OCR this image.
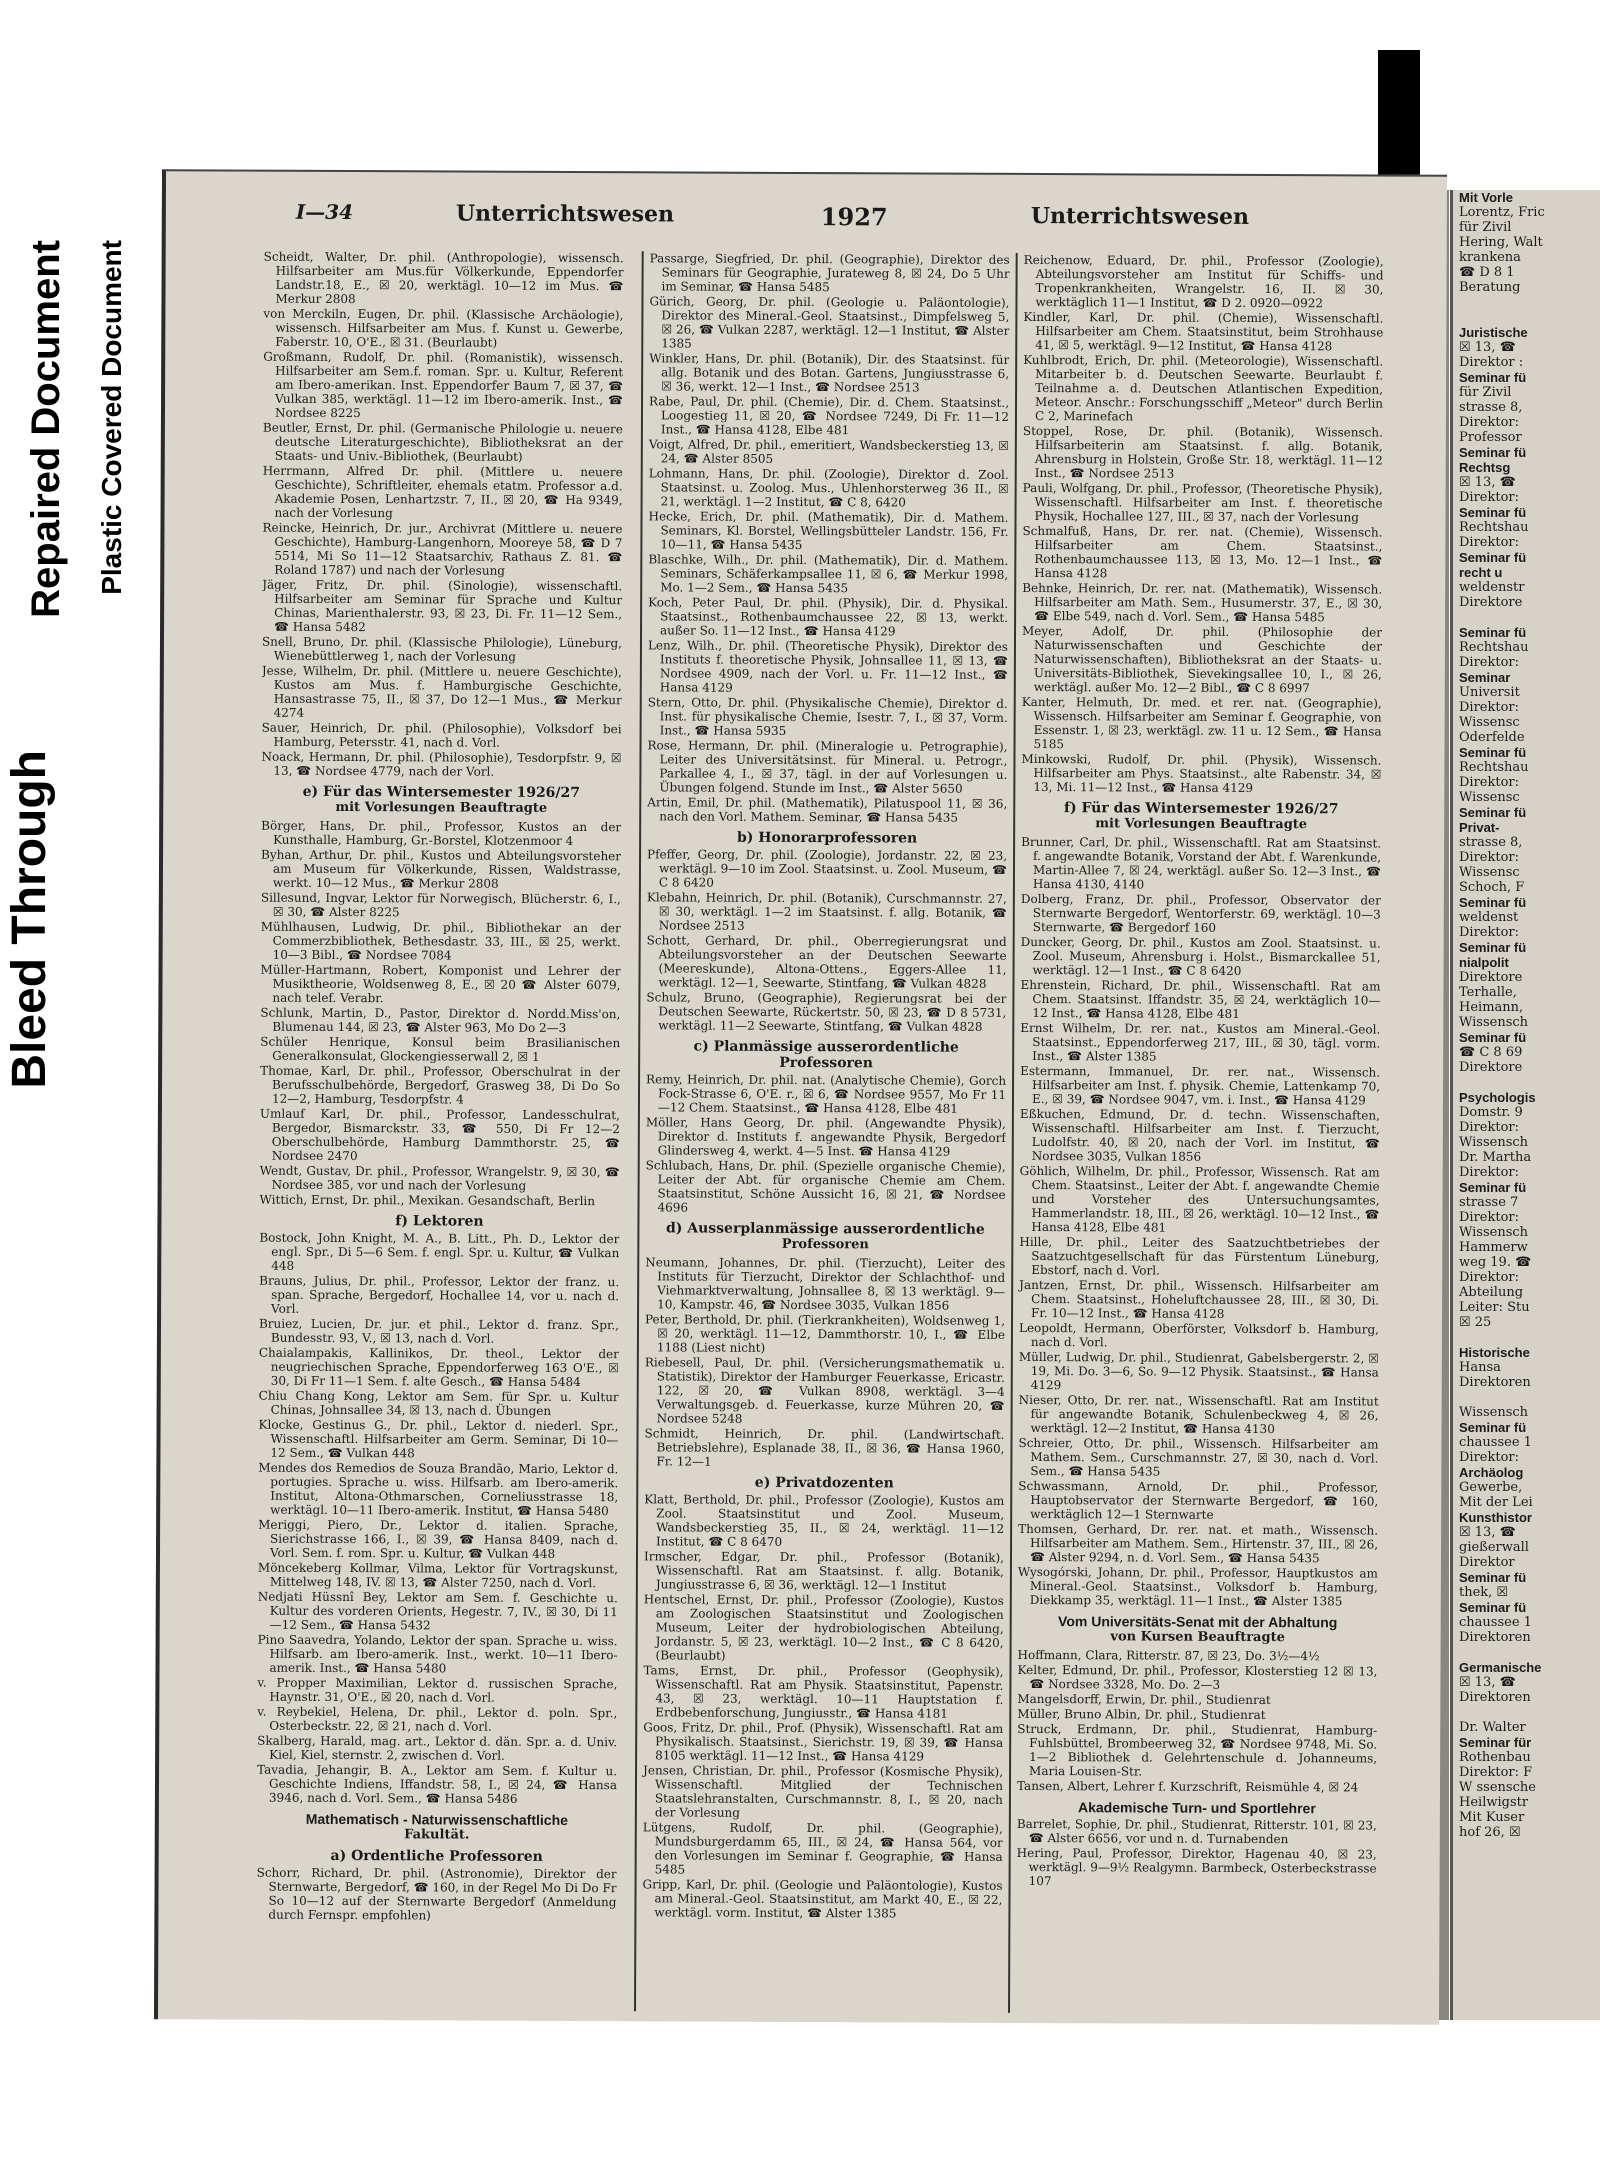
Bleed Through
Repaired Document Plastic Covered Document
Mit Vorle
Lorentz, Fric
für Zivil
Hering, Walt
krankena
☎ D 8 1
Beratung

Juristische
☒ 13, ☎
Direktor :
Seminar fü
für Zivil
strasse 8,
Direktor:
Professor
Seminar fü
Rechtsg
☒ 13, ☎
Direktor:
Seminar fü
Rechtshau
Direktor:
Seminar fü
recht u
weldenstr
Direktore

Seminar fü
Rechtshau
Direktor:
Seminar
Universit
Direktor:
Wissensc
Oderfelde
Seminar fü
Rechtshau
Direktor:
Wissensc
Seminar fü
Privat-
strasse 8,
Direktor:
Wissensc
Schoch, F
Seminar fü
weldenst
Direktor:
Seminar fü
nialpolit
Direktore
Terhalle,
Heimann,
Wissensch
Seminar fü
☎ C 8 69
Direktore

Psychologis
Domstr. 9
Direktor:
Wissensch
Dr. Martha
Direktor:
Seminar fü
strasse 7
Direktor:
Wissensch
Hammerw
weg 19. ☎
Direktor:
Abteilung
Leiter: Stu
☒ 25

Historische
Hansa
Direktoren

Wissensch
Seminar fü
chaussee 1
Direktor:
Archäolog
Gewerbe,
Mit der Lei
Kunsthistor
☒ 13, ☎
gießerwall
Direktor
Seminar fü
thek, ☒
Seminar fü
chaussee 1
Direktoren

Germanische
☒ 13, ☎
Direktoren

Dr. Walter
Seminar für
Rothenbau
Direktor: F
W ssensche
Heilwigstr
Mit Kuser
hof 26, ☒
I—34	Unterrichtswesen	1927	Unterrichtswesen

Scheidt, Walter, Dr. phil. (Anthropologie), wissensch. Hilfsarbeiter am Mus.für Völkerkunde, Eppendorfer Landstr.18, E., ☒ 20, werktägl. 10—12 im Mus. ☎ Merkur 2808

von Merckiln, Eugen, Dr. phil. (Klassische Archäologie), wissensch. Hilfsarbeiter am Mus. f. Kunst u. Gewerbe, Faberstr. 10, O'E., ☒ 31. (Beurlaubt)

Großmann, Rudolf, Dr. phil. (Romanistik), wissensch. Hilfsarbeiter am Sem.f. roman. Spr. u. Kultur, Referent am Ibero-amerikan. Inst. Eppendorfer Baum 7, ☒ 37, ☎ Vulkan 385, werktägl. 11—12 im Ibero-amerik. Inst., ☎ Nordsee 8225

Beutler, Ernst, Dr. phil. (Germanische Philologie u. neuere deutsche Literaturgeschichte), Bibliotheksrat an der Staats- und Univ.-Bibliothek, (Beurlaubt)

Herrmann, Alfred Dr. phil. (Mittlere u. neuere Geschichte), Schriftleiter, ehemals etatm. Professor a.d. Akademie Posen, Lenhartzstr. 7, II., ☒ 20, ☎ Ha 9349, nach der Vorlesung

Reincke, Heinrich, Dr. jur., Archivrat (Mittlere u. neuere Geschichte), Hamburg-Langenhorn, Mooreye 58, ☎ D 7 5514, Mi So 11—12 Staatsarchiv, Rathaus Z. 81. ☎ Roland 1787) und nach der Vorlesung

Jäger, Fritz, Dr. phil. (Sinologie), wissenschaftl. Hilfsarbeiter am Seminar für Sprache und Kultur Chinas, Marienthalerstr. 93, ☒ 23, Di. Fr. 11—12 Sem., ☎ Hansa 5482

Snell, Bruno, Dr. phil. (Klassische Philologie), Lüneburg, Wienebüttlerweg 1, nach der Vorlesung

Jesse, Wilhelm, Dr. phil. (Mittlere u. neuere Geschichte), Kustos am Mus. f. Hamburgische Geschichte, Hansastrasse 75, II., ☒ 37, Do 12—1 Mus., ☎ Merkur 4274

Sauer, Heinrich, Dr. phil. (Philosophie), Volksdorf bei Hamburg, Petersstr. 41, nach d. Vorl.

Noack, Hermann, Dr. phil. (Philosophie), Tesdorpfstr. 9, ☒ 13, ☎ Nordsee 4779, nach der Vorl.

e) Für das Wintersemester 1926/27
mit Vorlesungen Beauftragte

Börger, Hans, Dr. phil., Professor, Kustos an der Kunsthalle, Hamburg, Gr.-Borstel, Klotzenmoor 4

Byhan, Arthur, Dr. phil., Kustos und Abteilungsvorsteher am Museum für Völkerkunde, Rissen, Waldstrasse, werkt. 10—12 Mus., ☎ Merkur 2808

Sillesund, Ingvar, Lektor für Norwegisch, Blücherstr. 6, I., ☒ 30, ☎ Alster 8225

Mühlhausen, Ludwig, Dr. phil., Bibliothekar an der Commerzbibliothek, Bethesdastr. 33, III., ☒ 25, werkt. 10—3 Bibl., ☎ Nordsee 7084

Müller-Hartmann, Robert, Komponist und Lehrer der Musiktheorie, Woldsenweg 8, E., ☒ 20 ☎ Alster 6079, nach telef. Verabr.

Schlunk, Martin, D., Pastor, Direktor d. Nordd.Miss'on, Blumenau 144, ☒ 23, ☎ Alster 963, Mo Do 2—3

Schüler Henrique, Konsul beim Brasilianischen Generalkonsulat, Glockengiesserwall 2, ☒ 1

Thomae, Karl, Dr. phil., Professor, Oberschulrat in der Berufsschulbehörde, Bergedorf, Grasweg 38, Di Do So 12—2, Hamburg, Tesdorpfstr. 4

Umlauf Karl, Dr. phil., Professor, Landesschulrat, Bergedor, Bismarckstr. 33, ☎ 550, Di Fr 12—2 Oberschulbehörde, Hamburg Dammthorstr. 25, ☎ Nordsee 2470

Wendt, Gustav, Dr. phil., Professor, Wrangelstr. 9, ☒ 30, ☎ Nordsee 385, vor und nach der Vorlesung

Wittich, Ernst, Dr. phil., Mexikan. Gesandschaft, Berlin

f) Lektoren

Bostock, John Knight, M. A., B. Litt., Ph. D., Lektor der engl. Spr., Di 5—6 Sem. f. engl. Spr. u. Kultur, ☎ Vulkan 448

Brauns, Julius, Dr. phil., Professor, Lektor der franz. u. span. Sprache, Bergedorf, Hochallee 14, vor u. nach d. Vorl.

Bruiez, Lucien, Dr. jur. et phil., Lektor d. franz. Spr., Bundesstr. 93, V., ☒ 13, nach d. Vorl.

Chaialampakis, Kallinikos, Dr. theol., Lektor der neugriechischen Sprache, Eppendorferweg 163 O'E., ☒ 30, Di Fr 11—1 Sem. f. alte Gesch., ☎ Hansa 5484

Chiu Chang Kong, Lektor am Sem. für Spr. u. Kultur Chinas, Johnsallee 34, ☒ 13, nach d. Übungen

Klocke, Gestinus G., Dr. phil., Lektor d. niederl. Spr., Wissenschaftl. Hilfsarbeiter am Germ. Seminar, Di 10—12 Sem., ☎ Vulkan 448

Mendes dos Remedios de Souza Brandão, Mario, Lektor d. portugies. Sprache u. wiss. Hilfsarb. am Ibero-amerik. Institut, Altona-Othmarschen, Corneliusstrasse 18, werktägl. 10—11 Ibero-amerik. Institut, ☎ Hansa 5480

Meriggi, Piero, Dr., Lektor d. italien. Sprache, Sierichstrasse 166, I., ☒ 39, ☎ Hansa 8409, nach d. Vorl. Sem. f. rom. Spr. u. Kultur, ☎ Vulkan 448

Möncekeberg Kollmar, Vilma, Lektor für Vortragskunst, Mittelweg 148, IV. ☒ 13, ☎ Alster 7250, nach d. Vorl.

Nedjati Hüssnî Bey, Lektor am Sem. f. Geschichte u. Kultur des vorderen Orients, Hegestr. 7, IV., ☒ 30, Di 11—12 Sem., ☎ Hansa 5432

Pino Saavedra, Yolando, Lektor der span. Sprache u. wiss. Hilfsarb. am Ibero-amerik. Inst., werkt. 10—11 Ibero-amerik. Inst., ☎ Hansa 5480

v. Propper Maximilian, Lektor d. russischen Sprache, Haynstr. 31, O'E., ☒ 20, nach d. Vorl.

v. Reybekiel, Helena, Dr. phil., Lektor d. poln. Spr., Osterbeckstr. 22, ☒ 21, nach d. Vorl.

Skalberg, Harald, mag. art., Lektor d. dän. Spr. a. d. Univ. Kiel, Kiel, sternstr. 2, zwischen d. Vorl.

Tavadia, Jehangir, B. A., Lektor am Sem. f. Kultur u. Geschichte Indiens, Iffandstr. 58, I., ☒ 24, ☎ Hansa 3946, nach d. Vorl. Sem., ☎ Hansa 5486

Mathematisch - Naturwissenschaftliche
Fakultät.
a) Ordentliche Professoren

Schorr, Richard, Dr. phil. (Astronomie), Direktor der Sternwarte, Bergedorf, ☎ 160, in der Regel Mo Di Do Fr So 10—12 auf der Sternwarte Bergedorf (Anmeldung durch Fernspr. empfohlen)

Passarge, Siegfried, Dr. phil. (Geographie), Direktor des Seminars für Geographie, Jurateweg 8, ☒ 24, Do 5 Uhr im Seminar, ☎ Hansa 5485

Gürich, Georg, Dr. phil. (Geologie u. Paläontologie), Direktor des Mineral.-Geol. Staatsinst., Dimpfelsweg 5, ☒ 26, ☎ Vulkan 2287, werktägl. 12—1 Institut, ☎ Alster 1385

Winkler, Hans, Dr. phil. (Botanik), Dir. des Staatsinst. für allg. Botanik und des Botan. Gartens, Jungiusstrasse 6, ☒ 36, werkt. 12—1 Inst., ☎ Nordsee 2513

Rabe, Paul, Dr. phil. (Chemie), Dir. d. Chem. Staatsinst., Loogestieg 11, ☒ 20, ☎ Nordsee 7249, Di Fr. 11—12 Inst., ☎ Hansa 4128, Elbe 481

Voigt, Alfred, Dr. phil., emeritiert, Wandsbeckerstieg 13, ☒ 24, ☎ Alster 8505

Lohmann, Hans, Dr. phil. (Zoologie), Direktor d. Zool. Staatsinst. u. Zoolog. Mus., Uhlenhorsterweg 36 II., ☒ 21, werktägl. 1—2 Institut, ☎ C 8, 6420

Hecke, Erich, Dr. phil. (Mathematik), Dir. d. Mathem. Seminars, Kl. Borstel, Wellingsbütteler Landstr. 156, Fr. 10—11, ☎ Hansa 5435

Blaschke, Wilh., Dr. phil. (Mathematik), Dir. d. Mathem. Seminars, Schäferkampsallee 11, ☒ 6, ☎ Merkur 1998, Mo. 1—2 Sem., ☎ Hansa 5435

Koch, Peter Paul, Dr. phil. (Physik), Dir. d. Physikal. Staatsinst., Rothenbaumchaussee 22, ☒ 13, werkt. außer So. 11—12 Inst., ☎ Hansa 4129

Lenz, Wilh., Dr. phil. (Theoretische Physik), Direktor des Instituts f. theoretische Physik, Johnsallee 11, ☒ 13, ☎ Nordsee 4909, nach der Vorl. u. Fr. 11—12 Inst., ☎ Hansa 4129

Stern, Otto, Dr. phil. (Physikalische Chemie), Direktor d. Inst. für physikalische Chemie, Isestr. 7, I., ☒ 37, Vorm. Inst., ☎ Hansa 5935

Rose, Hermann, Dr. phil. (Mineralogie u. Petrographie), Leiter des Universitätsinst. für Mineral. u. Petrogr., Parkallee 4, I., ☒ 37, tägl. in der auf Vorlesungen u. Übungen folgend. Stunde im Inst., ☎ Alster 5650

Artin, Emil, Dr. phil. (Mathematik), Pilatuspool 11, ☒ 36, nach den Vorl. Mathem. Seminar, ☎ Hansa 5435

b) Honorarprofessoren

Pfeffer, Georg, Dr. phil. (Zoologie), Jordanstr. 22, ☒ 23, werktägl. 9—10 im Zool. Staatsinst. u. Zool. Museum, ☎ C 8 6420

Klebahn, Heinrich, Dr. phil. (Botanik), Curschmannstr. 27, ☒ 30, werktägl. 1—2 im Staatsinst. f. allg. Botanik, ☎ Nordsee 2513

Schott, Gerhard, Dr. phil., Oberregierungsrat und Abteilungsvorsteher an der Deutschen Seewarte (Meereskunde), Altona-Ottens., Eggers-Allee 11, werktägl. 12—1, Seewarte, Stintfang, ☎ Vulkan 4828

Schulz, Bruno, (Geographie), Regierungsrat bei der Deutschen Seewarte, Rückertstr. 50, ☒ 23, ☎ D 8 5731, werktägl. 11—2 Seewarte, Stintfang, ☎ Vulkan 4828

c) Planmässige ausserordentliche Professoren

Remy, Heinrich, Dr. phil. nat. (Analytische Chemie), Gorch Fock-Strasse 6, O'E. r., ☒ 6, ☎ Nordsee 9557, Mo Fr 11—12 Chem. Staatsinst., ☎ Hansa 4128, Elbe 481

Möller, Hans Georg, Dr. phil. (Angewandte Physik), Direktor d. Instituts f. angewandte Physik, Bergedorf Glindersweg 4, werkt. 4—5 Inst. ☎ Hansa 4129

Schlubach, Hans, Dr. phil. (Spezielle organische Chemie), Leiter der Abt. für organische Chemie am Chem. Staatsinstitut, Schöne Aussicht 16, ☒ 21, ☎ Nordsee 4696

d) Ausserplanmässige ausserordentliche
Professoren

Neumann, Johannes, Dr. phil. (Tierzucht), Leiter des Instituts für Tierzucht, Direktor der Schlachthof- und Viehmarktverwaltung, Johnsallee 8, ☒ 13 werktägl. 9—10, Kampstr. 46, ☎ Nordsee 3035, Vulkan 1856

Peter, Berthold, Dr. phil. (Tierkrankheiten), Woldsenweg 1, ☒ 20, werktägl. 11—12, Dammthorstr. 10, I., ☎ Elbe 1188 (Liest nicht)

Riebesell, Paul, Dr. phil. (Versicherungsmathematik u. Statistik), Direktor der Hamburger Feuerkasse, Ericastr. 122, ☒ 20, ☎ Vulkan 8908, werktägl. 3—4 Verwaltungsgeb. d. Feuerkasse, kurze Mühren 20, ☎ Nordsee 5248

Schmidt, Heinrich, Dr. phil. (Landwirtschaft. Betriebslehre), Esplanade 38, II., ☒ 36, ☎ Hansa 1960, Fr. 12—1

e) Privatdozenten

Klatt, Berthold, Dr. phil., Professor (Zoologie), Kustos am Zool. Staatsinstitut und Zool. Museum, Wandsbeckerstieg 35, II., ☒ 24, werktägl. 11—12 Institut, ☎ C 8 6470

Irmscher, Edgar, Dr. phil., Professor (Botanik), Wissenschaftl. Rat am Staatsinst. f. allg. Botanik, Jungiusstrasse 6, ☒ 36, werktägl. 12—1 Institut

Hentschel, Ernst, Dr. phil., Professor (Zoologie), Kustos am Zoologischen Staatsinstitut und Zoologischen Museum, Leiter der hydrobiologischen Abteilung, Jordanstr. 5, ☒ 23, werktägl. 10—2 Inst., ☎ C 8 6420, (Beurlaubt)

Tams, Ernst, Dr. phil., Professor (Geophysik), Wissenschaftl. Rat am Physik. Staatsinstitut, Papenstr. 43, ☒ 23, werktägl. 10—11 Hauptstation f. Erdbebenforschung, Jungiusstr., ☎ Hansa 4181

Goos, Fritz, Dr. phil., Prof. (Physik), Wissenschaftl. Rat am Physikalisch. Staatsinst., Sierichstr. 19, ☒ 39, ☎ Hansa 8105 werktägl. 11—12 Inst., ☎ Hansa 4129

Jensen, Christian, Dr. phil., Professor (Kosmische Physik), Wissenschaftl. Mitglied der Technischen Staatslehranstalten, Curschmannstr. 8, I., ☒ 20, nach der Vorlesung

Lütgens, Rudolf, Dr. phil. (Geographie), Mundsburgerdamm 65, III., ☒ 24, ☎ Hansa 564, vor den Vorlesungen im Seminar f. Geographie, ☎ Hansa 5485

Gripp, Karl, Dr. phil. (Geologie und Paläontologie), Kustos am Mineral.-Geol. Staatsinstitut, am Markt 40, E., ☒ 22, werktägl. vorm. Institut, ☎ Alster 1385

Reichenow, Eduard, Dr. phil., Professor (Zoologie), Abteilungsvorsteher am Institut für Schiffs- und Tropenkrankheiten, Wrangelstr. 16, II. ☒ 30, werktäglich 11—1 Institut, ☎ D 2. 0920—0922

Kindler, Karl, Dr. phil. (Chemie), Wissenschaftl. Hilfsarbeiter am Chem. Staatsinstitut, beim Strohhause 41, ☒ 5, werktägl. 9—12 Institut, ☎ Hansa 4128

Kuhlbrodt, Erich, Dr. phil. (Meteorologie), Wissenschaftl. Mitarbeiter b. d. Deutschen Seewarte. Beurlaubt f. Teilnahme a. d. Deutschen Atlantischen Expedition, Meteor. Anschr.: Forschungsschiff „Meteor" durch Berlin C 2, Marinefach

Stoppel, Rose, Dr. phil. (Botanik), Wissensch. Hilfsarbeiterin am Staatsinst. f. allg. Botanik, Ahrensburg in Holstein, Große Str. 18, werktägl. 11—12 Inst., ☎ Nordsee 2513

Pauli, Wolfgang, Dr. phil., Professor, (Theoretische Physik), Wissenschaftl. Hilfsarbeiter am Inst. f. theoretische Physik, Hochallee 127, III., ☒ 37, nach der Vorlesung

Schmalfuß, Hans, Dr. rer. nat. (Chemie), Wissensch. Hilfsarbeiter am Chem. Staatsinst., Rothenbaumchaussee 113, ☒ 13, Mo. 12—1 Inst., ☎ Hansa 4128

Behnke, Heinrich, Dr. rer. nat. (Mathematik), Wissensch. Hilfsarbeiter am Math. Sem., Husumerstr. 37, E., ☒ 30, ☎ Elbe 549, nach d. Vorl. Sem., ☎ Hansa 5485

Meyer, Adolf, Dr. phil. (Philosophie der Naturwissenschaften und Geschichte der Naturwissenschaften), Bibliotheksrat an der Staats- u. Universitäts-Bibliothek, Sievekingsallee 10, I., ☒ 26, werktägl. außer Mo. 12—2 Bibl., ☎ C 8 6997

Kanter, Helmuth, Dr. med. et rer. nat. (Geographie), Wissensch. Hilfsarbeiter am Seminar f. Geographie, von Essenstr. 1, ☒ 23, werktägl. zw. 11 u. 12 Sem., ☎ Hansa 5185

Minkowski, Rudolf, Dr. phil. (Physik), Wissensch. Hilfsarbeiter am Phys. Staatsinst., alte Rabenstr. 34, ☒ 13, Mi. 11—12 Inst., ☎ Hansa 4129

f) Für das Wintersemester 1926/27
mit Vorlesungen Beauftragte

Brunner, Carl, Dr. phil., Wissenschaftl. Rat am Staatsinst. f. angewandte Botanik, Vorstand der Abt. f. Warenkunde, Martin-Allee 7, ☒ 24, werktägl. außer So. 12—3 Inst., ☎ Hansa 4130, 4140

Dolberg, Franz, Dr. phil., Professor, Observator der Sternwarte Bergedorf, Wentorferstr. 69, werktägl. 10—3 Sternwarte, ☎ Bergedorf 160

Duncker, Georg, Dr. phil., Kustos am Zool. Staatsinst. u. Zool. Museum, Ahrensburg i. Holst., Bismarckallee 51, werktägl. 12—1 Inst., ☎ C 8 6420

Ehrenstein, Richard, Dr. phil., Wissenschaftl. Rat am Chem. Staatsinst. Iffandstr. 35, ☒ 24, werktäglich 10—12 Inst., ☎ Hansa 4128, Elbe 481

Ernst Wilhelm, Dr. rer. nat., Kustos am Mineral.-Geol. Staatsinst., Eppendorferweg 217, III., ☒ 30, tägl. vorm. Inst., ☎ Alster 1385

Estermann, Immanuel, Dr. rer. nat., Wissensch. Hilfsarbeiter am Inst. f. physik. Chemie, Lattenkamp 70, E., ☒ 39, ☎ Nordsee 9047, vm. i. Inst., ☎ Hansa 4129

Eßkuchen, Edmund, Dr. d. techn. Wissenschaften, Wissenschaftl. Hilfsarbeiter am Inst. f. Tierzucht, Ludolfstr. 40, ☒ 20, nach der Vorl. im Institut, ☎ Nordsee 3035, Vulkan 1856

Göhlich, Wilhelm, Dr. phil., Professor, Wissensch. Rat am Chem. Staatsinst., Leiter der Abt. f. angewandte Chemie und Vorsteher des Untersuchungsamtes, Hammerlandstr. 18, III., ☒ 26, werktägl. 10—12 Inst., ☎ Hansa 4128, Elbe 481

Hille, Dr. phil., Leiter des Saatzuchtbetriebes der Saatzuchtgesellschaft für das Fürstentum Lüneburg, Ebstorf, nach d. Vorl.

Jantzen, Ernst, Dr. phil., Wissensch. Hilfsarbeiter am Chem. Staatsinst., Hoheluftchaussee 28, III., ☒ 30, Di. Fr. 10—12 Inst., ☎ Hansa 4128

Leopoldt, Hermann, Oberförster, Volksdorf b. Hamburg, nach d. Vorl.

Müller, Ludwig, Dr. phil., Studienrat, Gabelsbergerstr. 2, ☒ 19, Mi. Do. 3—6, So. 9—12 Physik. Staatsinst., ☎ Hansa 4129

Nieser, Otto, Dr. rer. nat., Wissenschaftl. Rat am Institut für angewandte Botanik, Schulenbeckweg 4, ☒ 26, werktägl. 12—2 Institut, ☎ Hansa 4130

Schreier, Otto, Dr. phil., Wissensch. Hilfsarbeiter am Mathem. Sem., Curschmannstr. 27, ☒ 30, nach d. Vorl. Sem., ☎ Hansa 5435

Schwassmann, Arnold, Dr. phil., Professor, Hauptobservator der Sternwarte Bergedorf, ☎ 160, werktäglich 12—1 Sternwarte

Thomsen, Gerhard, Dr. rer. nat. et math., Wissensch. Hilfsarbeiter am Mathem. Sem., Hirtenstr. 37, III., ☒ 26, ☎ Alster 9294, n. d. Vorl. Sem., ☎ Hansa 5435

Wysogórski, Johann, Dr. phil., Professor, Hauptkustos am Mineral.-Geol. Staatsinst., Volksdorf b. Hamburg, Diekkamp 35, werktägl. 11—1 Inst., ☎ Alster 1385

Vom Universitäts-Senat mit der Abhaltung
von Kursen Beauftragte

Hoffmann, Clara, Ritterstr. 87, ☒ 23, Do. 3½—4½

Kelter, Edmund, Dr. phil., Professor, Klosterstieg 12 ☒ 13, ☎ Nordsee 3328, Mo. Do. 2—3

Mangelsdorff, Erwin, Dr. phil., Studienrat

Müller, Bruno Albin, Dr. phil., Studienrat

Struck, Erdmann, Dr. phil., Studienrat, Hamburg-Fuhlsbüttel, Brombeerweg 32, ☎ Nordsee 9748, Mi. So. 1—2 Bibliothek d. Gelehrtenschule d. Johanneums, Maria Louisen-Str.

Tansen, Albert, Lehrer f. Kurzschrift, Reismühle 4, ☒ 24

Akademische Turn- und Sportlehrer

Barrelet, Sophie, Dr. phil., Studienrat, Ritterstr. 101, ☒ 23, ☎ Alster 6656, vor und n. d. Turnabenden

Hering, Paul, Professor, Direktor, Hagenau 40, ☒ 23, werktägl. 9—9½ Realgymn. Barmbeck, Osterbeckstrasse 107
